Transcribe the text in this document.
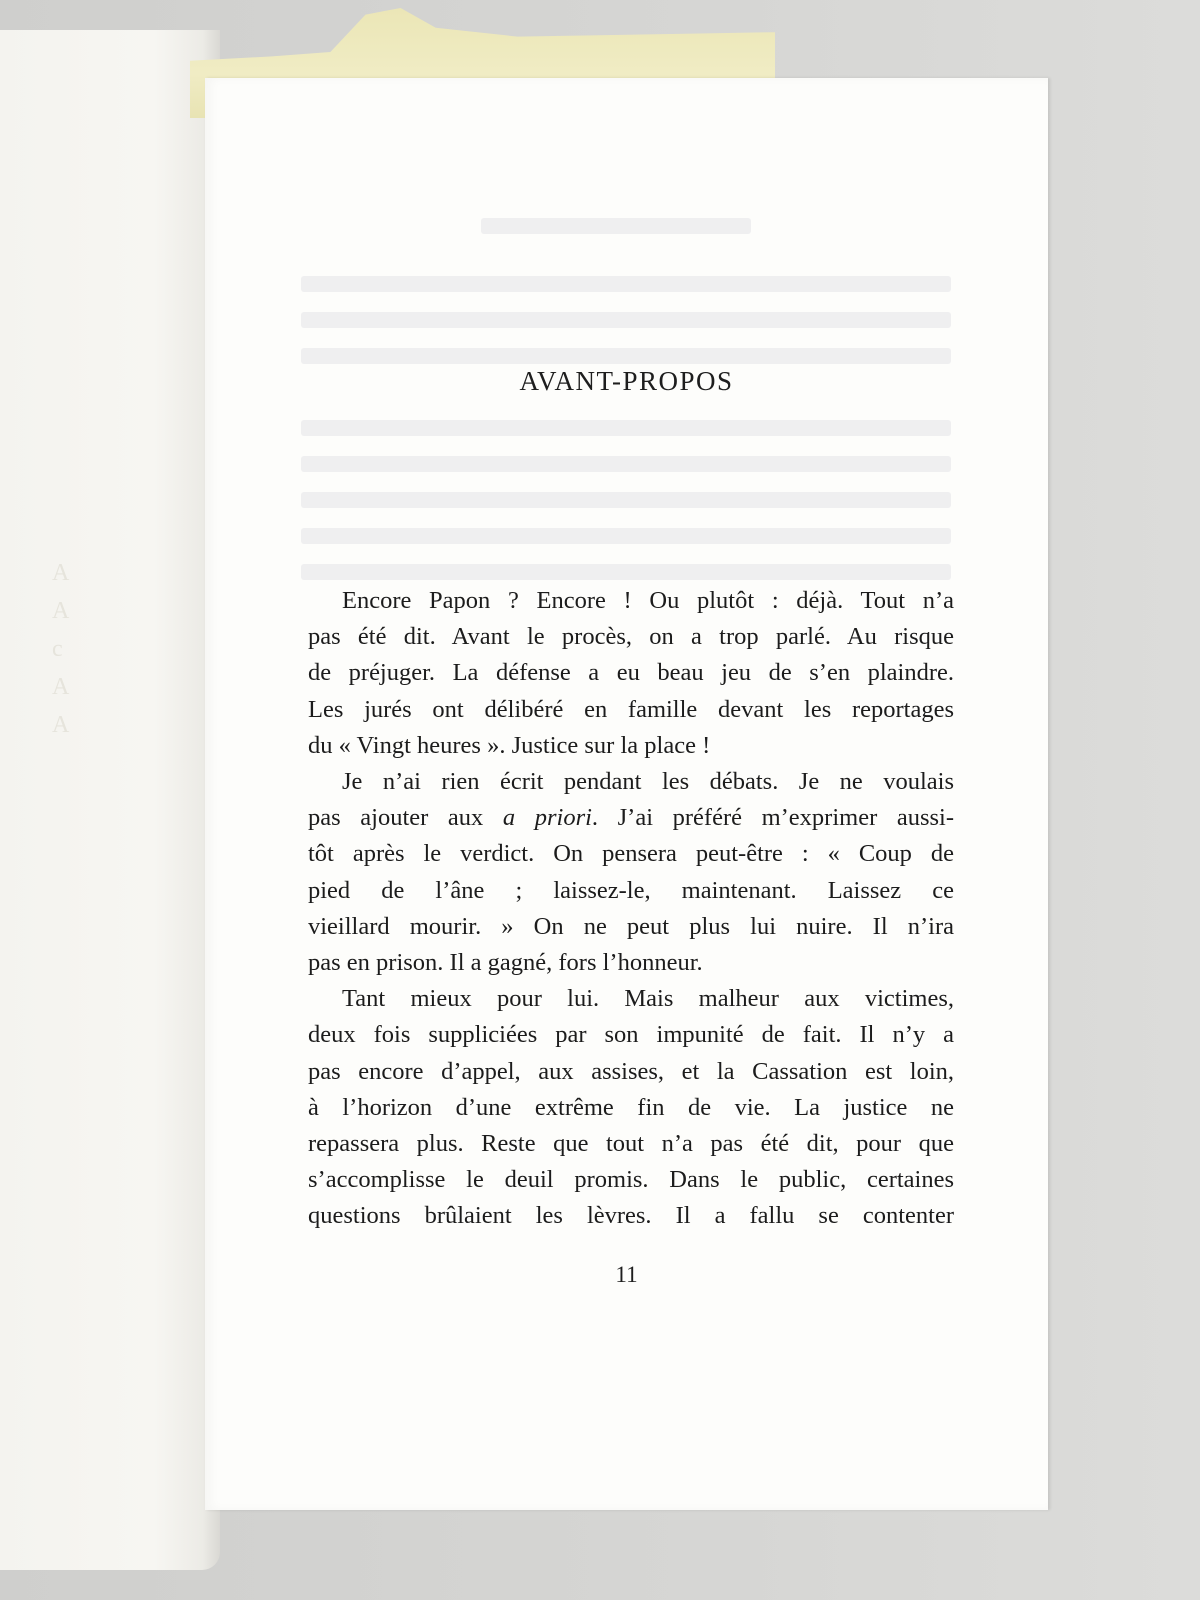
A
A
c
A
A
AVANT-PROPOS
Encore Papon ? Encore ! Ou plutôt : déjà. Tout n’a
pas été dit. Avant le procès, on a trop parlé. Au risque
de préjuger. La défense a eu beau jeu de s’en plaindre.
Les jurés ont délibéré en famille devant les reportages
du « Vingt heures ». Justice sur la place !
Je n’ai rien écrit pendant les débats. Je ne voulais
pas ajouter aux a priori. J’ai préféré m’exprimer aussi-
tôt après le verdict. On pensera peut-être : « Coup de
pied de l’âne ; laissez-le, maintenant. Laissez ce
vieillard mourir. » On ne peut plus lui nuire. Il n’ira
pas en prison. Il a gagné, fors l’honneur.
Tant mieux pour lui. Mais malheur aux victimes,
deux fois suppliciées par son impunité de fait. Il n’y a
pas encore d’appel, aux assises, et la Cassation est loin,
à l’horizon d’une extrême fin de vie. La justice ne
repassera plus. Reste que tout n’a pas été dit, pour que
s’accomplisse le deuil promis. Dans le public, certaines
questions brûlaient les lèvres. Il a fallu se contenter
11
